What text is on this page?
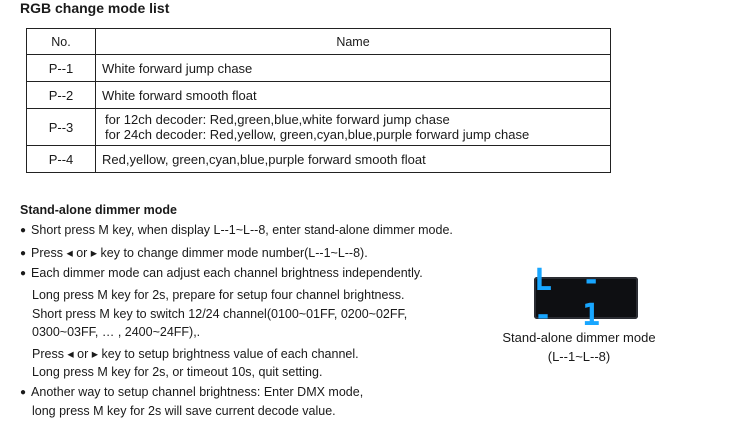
RGB change mode list
No.	Name
P--1	White forward jump chase
P--2	White forward smooth float
P--3	for 12ch decoder: Red,green,blue,white forward jump chase
for 24ch decoder: Red,yellow, green,cyan,blue,purple forward jump chase

P--4	Red,yellow, green,cyan,blue,purple forward smooth float
Stand-alone dimmer mode
● Short press M key, when display L--1~L--8, enter stand-alone dimmer mode.
● Press ◂ or ▸ key to change dimmer mode number(L--1~L--8).
● Each dimmer mode can adjust each channel brightness independently.
Long press M key for 2s, prepare for setup four channel brightness.
Short press M key to switch 12/24 channel(0100~01FF, 0200~02FF,
0300~03FF, … , 2400~24FF),.
Press ◂ or ▸ key to setup brightness value of each channel.
Long press M key for 2s, or timeout 10s, quit setting.
● Another way to setup channel brightness: Enter DMX mode,
long press M key for 2s will save current decode value.
L - - 1
Stand-alone dimmer mode
(L--1~L--8)
